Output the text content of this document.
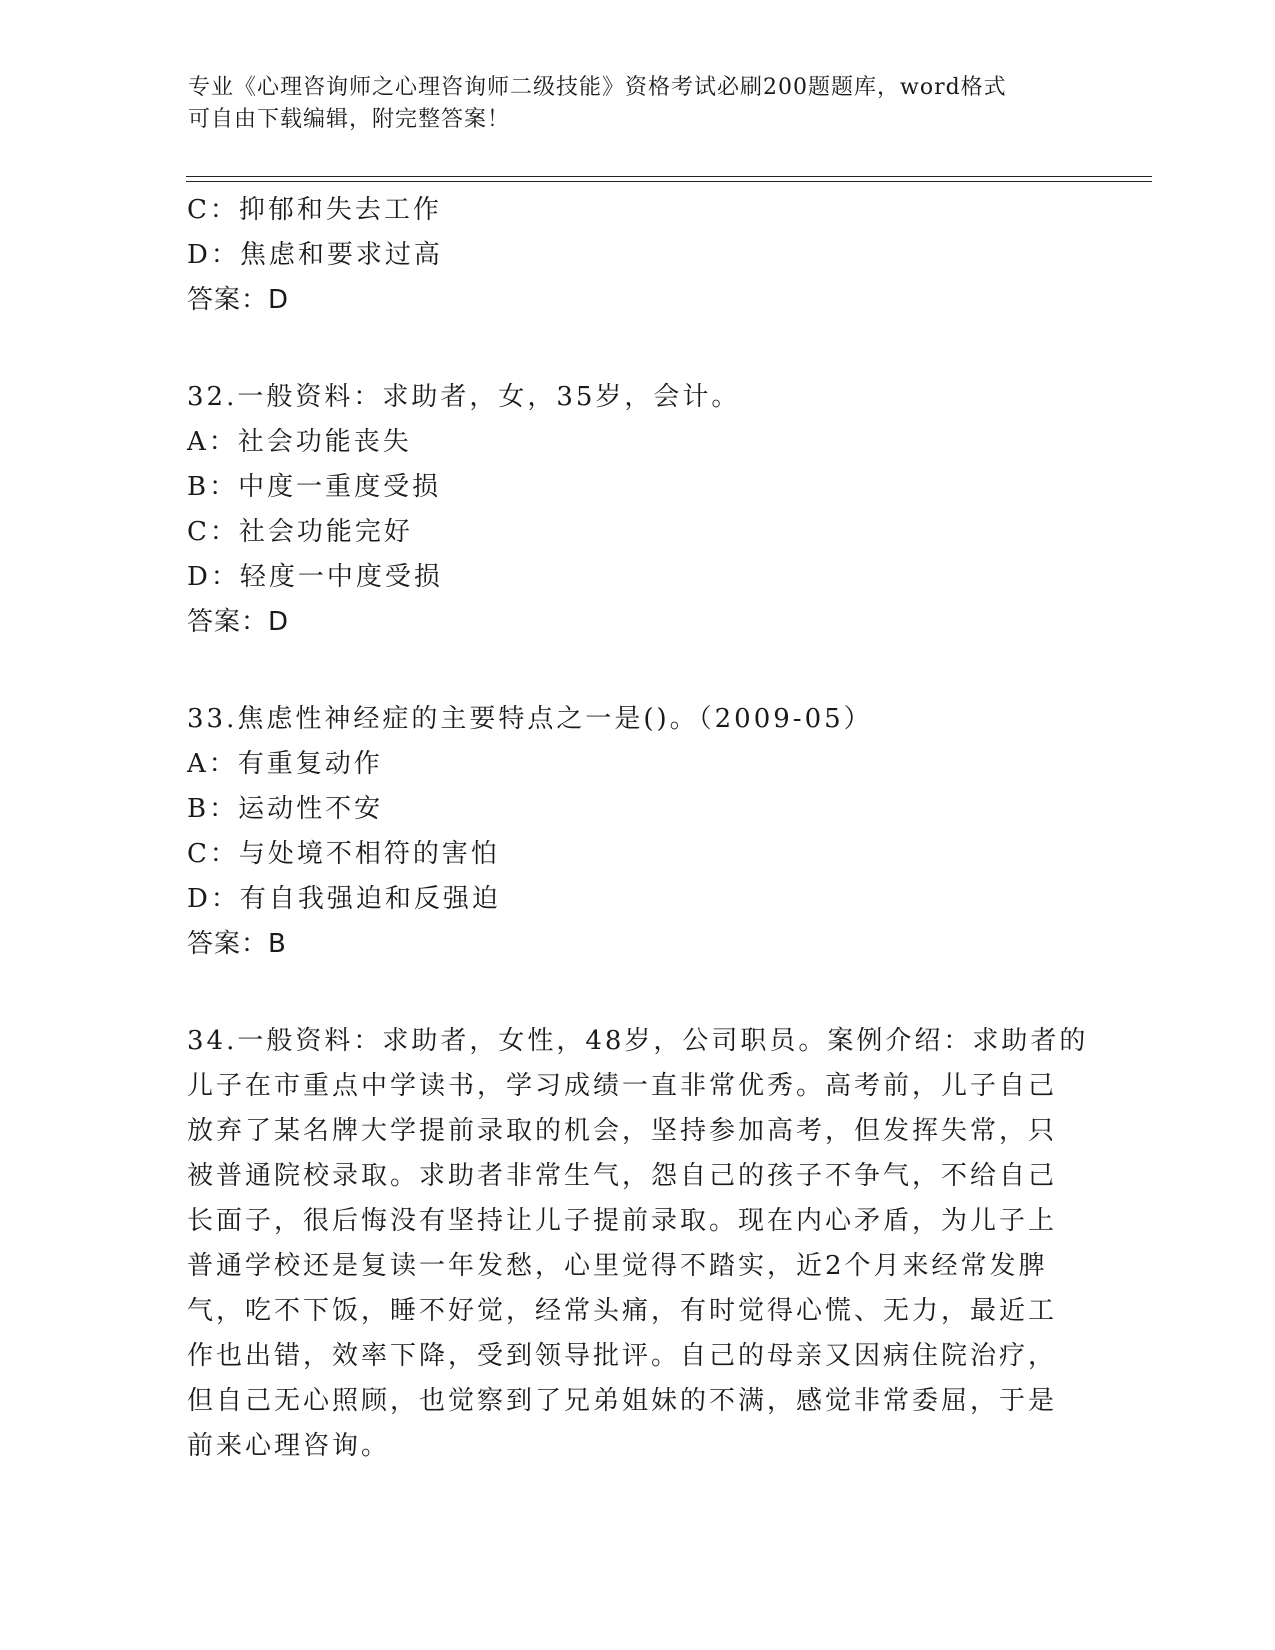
专业《心理咨询师之心理咨询师二级技能》资格考试必刷200题题库，word格式
可自由下载编辑，附完整答案！
C：抑郁和失去工作
D：焦虑和要求过高
答案：D
32.一般资料：求助者，女，35岁，会计。
A：社会功能丧失
B：中度一重度受损
C：社会功能完好
D：轻度一中度受损
答案：D
33.焦虑性神经症的主要特点之一是()。（2009-05）
A：有重复动作
B：运动性不安
C：与处境不相符的害怕
D：有自我强迫和反强迫
答案：B
34.一般资料：求助者，女性，48岁，公司职员。案例介绍：求助者的
儿子在市重点中学读书，学习成绩一直非常优秀。高考前，儿子自己
放弃了某名牌大学提前录取的机会，坚持参加高考，但发挥失常，只
被普通院校录取。求助者非常生气，怨自己的孩子不争气，不给自己
长面子，很后悔没有坚持让儿子提前录取。现在内心矛盾，为儿子上
普通学校还是复读一年发愁，心里觉得不踏实，近2个月来经常发脾
气，吃不下饭，睡不好觉，经常头痛，有时觉得心慌、无力，最近工
作也出错，效率下降，受到领导批评。自己的母亲又因病住院治疗，
但自己无心照顾，也觉察到了兄弟姐妹的不满，感觉非常委屈，于是
前来心理咨询。
